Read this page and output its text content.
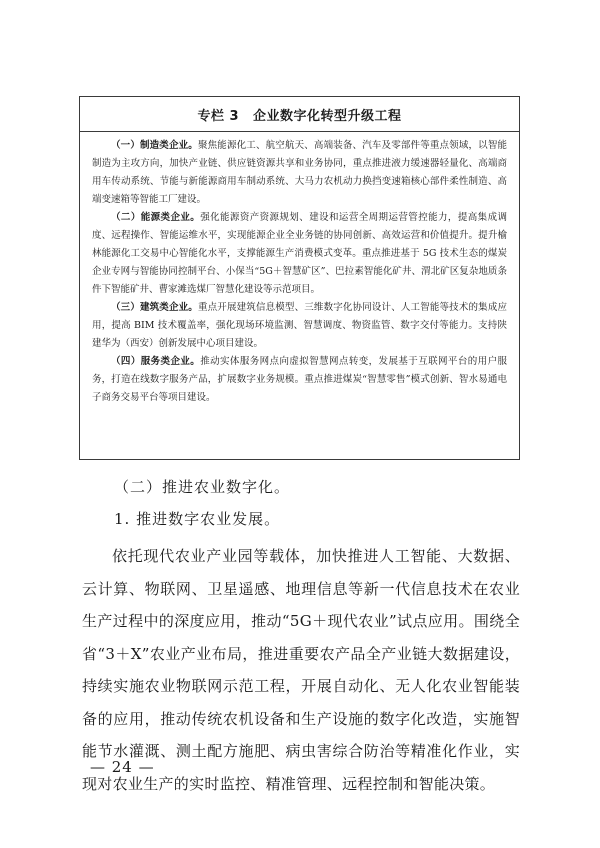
专栏 3 企业数字化转型升级工程

（一）制造类企业。聚焦能源化工、航空航天、高端装备、汽车及零部件等重点领域，以智能制造为主攻方向，加快产业链、供应链资源共享和业务协同，重点推进液力缓速器轻量化、高端商用车传动系统、节能与新能源商用车制动系统、大马力农机动力换挡变速箱核心部件柔性制造、高端变速箱等智能工厂建设。

（二）能源类企业。强化能源资产资源规划、建设和运营全周期运营管控能力，提高集成调度、远程操作、智能运维水平，实现能源企业全业务链的协同创新、高效运营和价值提升。提升榆林能源化工交易中心智能化水平，支撑能源生产消费模式变革。重点推进基于 5G 技术生态的煤炭企业专网与智能协同控制平台、小保当“5G＋智慧矿区”、巴拉素智能化矿井、渭北矿区复杂地质条件下智能矿井、曹家滩选煤厂智慧化建设等示范项目。

（三）建筑类企业。重点开展建筑信息模型、三维数字化协同设计、人工智能等技术的集成应用，提高 BIM 技术覆盖率，强化现场环境监测、智慧调度、物资监管、数字交付等能力。支持陕建华为（西安）创新发展中心项目建设。

（四）服务类企业。推动实体服务网点向虚拟智慧网点转变，发展基于互联网平台的用户服务，打造在线数字服务产品，扩展数字业务规模。重点推进煤炭“智慧零售”模式创新、智水易通电子商务交易平台等项目建设。

（二）推进农业数字化。

1. 推进数字农业发展。

依托现代农业产业园等载体，加快推进人工智能、大数据、云计算、物联网、卫星遥感、地理信息等新一代信息技术在农业生产过程中的深度应用，推动“5G＋现代农业”试点应用。围绕全省“3＋X”农业产业布局，推进重要农产品全产业链大数据建设，持续实施农业物联网示范工程，开展自动化、无人化农业智能装备的应用，推动传统农机设备和生产设施的数字化改造，实施智能节水灌溉、测土配方施肥、病虫害综合防治等精准化作业，实现对农业生产的实时监控、精准管理、远程控制和智能决策。

— 24 —
